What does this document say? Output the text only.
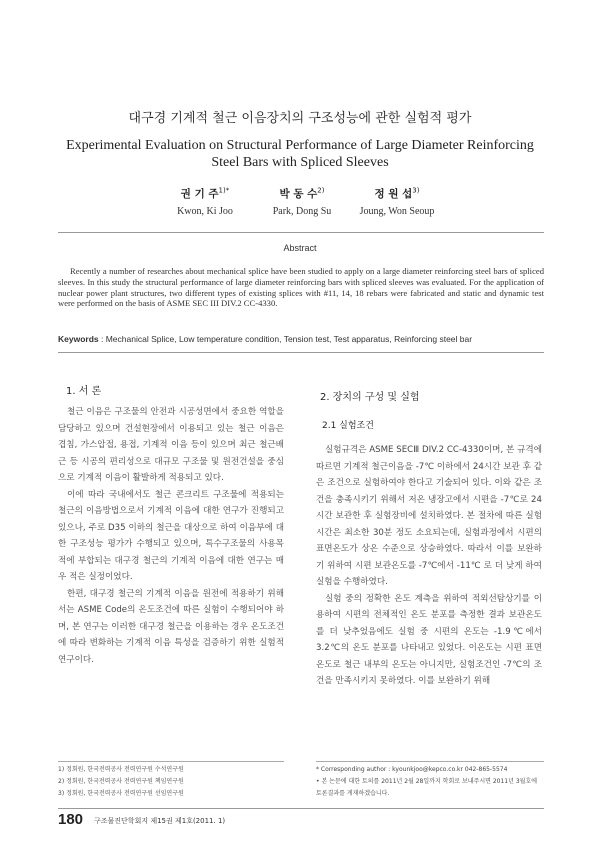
대구경 기계적 철근 이음장치의 구조성능에 관한 실험적 평가
Experimental Evaluation on Structural Performance of Large Diameter Reinforcing
Steel Bars with Spliced Sleeves
권 기 주$^{1)*}$
Kwon, Ki Joo
박 동 수$^{2)}$
Park, Dong Su
정 원 섭$^{3)}$
Joung, Won Seoup
Abstract
Recently a number of researches about mechanical splice have been studied to apply on a large diameter reinforcing steel bars of spliced sleeves. In this study the structural performance of large diameter reinforcing bars with spliced sleeves was evaluated. For the application of nuclear power plant structures, two different types of existing splices with #11, 14, 18 rebars were fabricated and static and dynamic test were performed on the basis of ASME SEC III DIV.2 CC-4330.
Keywords : Mechanical Splice, Low temperature condition, Tension test, Test apparatus, Reinforcing steel bar
1. 서 론

철근 이음은 구조물의 안전과 시공성면에서 중요한 역할을 담당하고 있으며 건설현장에서 이용되고 있는 철근 이음은 겹침, 가스압접, 용접, 기계적 이음 등이 있으며 최근 철근배근 등 시공의 편리성으로 대규모 구조물 및 원전건설을 중심으로 기계적 이음이 활발하게 적용되고 있다.

이에 따라 국내에서도 철근 콘크리트 구조물에 적용되는 철근의 이음방법으로서 기계적 이음에 대한 연구가 진행되고 있으나, 주로 D35 이하의 철근을 대상으로 하여 이음부에 대한 구조성능 평가가 수행되고 있으며, 특수구조물의 사용목적에 부합되는 대구경 철근의 기계적 이음에 대한 연구는 매우 적은 실정이었다.

한편, 대구경 철근의 기계적 이음을 원전에 적용하기 위해서는 ASME Code의 온도조건에 따른 실험이 수행되어야 하며, 본 연구는 이러한 대구경 철근을 이용하는 경우 온도조건에 따라 변화하는 기계적 이음 특성을 검증하기 위한 실험적 연구이다.

2. 장치의 구성 및 실험
2.1 실험조건

실험규격은 ASME SECⅢ DIV.2 CC-4330이며, 본 규격에 따르면 기계적 철근이음을 -7℃ 이하에서 24시간 보관 후 같은 조건으로 실험하여야 한다고 기술되어 있다. 이와 같은 조건을 충족시키기 위해서 저온 냉장고에서 시편을 -7℃로 24시간 보관한 후 실험장비에 설치하였다. 본 절차에 따른 실험시간은 최소한 30분 정도 소요되는데, 실험과정에서 시편의 표면온도가 상온 수준으로 상승하였다. 따라서 이를 보완하기 위하여 시편 보관온도를 -7℃에서 -11℃ 로 더 낮게 하여 실험을 수행하였다.

실험 중의 정확한 온도 계측을 위하여 적외선탐상기를 이용하여 시편의 전체적인 온도 분포를 측정한 결과 보관온도를 더 낮추었음에도 실험 중 시편의 온도는 -1.9℃에서 3.2℃의 온도 분포를 나타내고 있었다. 이온도는 시편 표면 온도로 철근 내부의 온도는 아니지만, 실험조건인 -7℃의 조건을 만족시키지 못하였다. 이를 보완하기 위해

1) 정회원, 한국전력공사 전력연구원 수석연구원
2) 정회원, 한국전력공사 전력연구원 책임연구원
3) 정회원, 한국전력공사 전력연구원 선임연구원
* Corresponding author : kyounkjoo@kepco.co.kr 042-865-5574
• 본 논문에 대한 토의를 2011년 2월 28일까지 학회로 보내주시면 2011년 3월호에 토론결과를 게재하겠습니다.
180 구조물진단학회지 제15권 제1호(2011. 1)
